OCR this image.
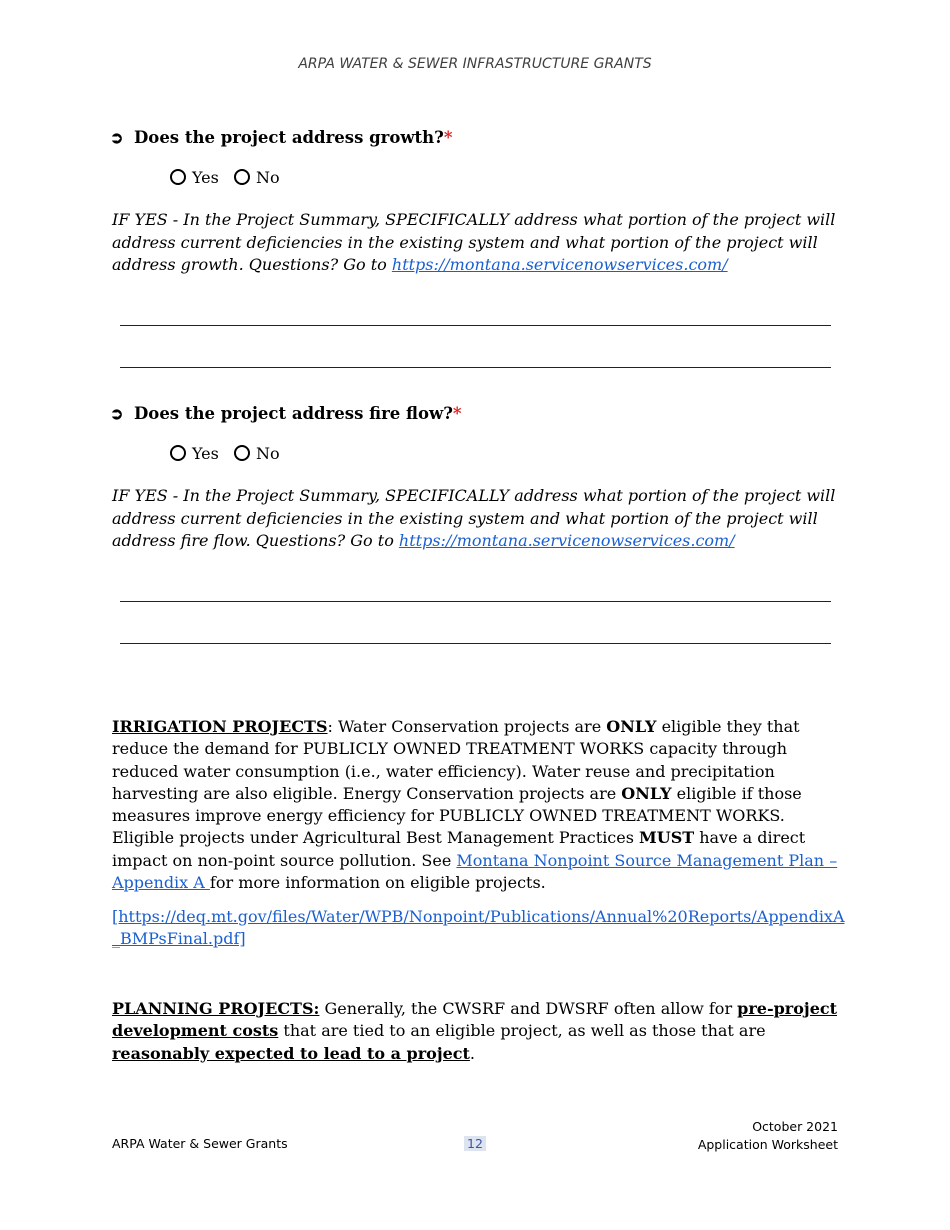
ARPA WATER & SEWER INFRASTRUCTURE GRANTS
➲ Does the project address growth?*
Yes No
IF YES - In the Project Summary, SPECIFICALLY address what portion of the project will address current deficiencies in the existing system and what portion of the project will address growth. Questions? Go to https://montana.servicenowservices.com/
➲ Does the project address fire flow?*
Yes No
IF YES - In the Project Summary, SPECIFICALLY address what portion of the project will address current deficiencies in the existing system and what portion of the project will address fire flow. Questions? Go to https://montana.servicenowservices.com/
IRRIGATION PROJECTS: Water Conservation projects are ONLY eligible they that reduce the demand for PUBLICLY OWNED TREATMENT WORKS capacity through reduced water consumption (i.e., water efficiency). Water reuse and precipitation harvesting are also eligible. Energy Conservation projects are ONLY eligible if those measures improve energy efficiency for PUBLICLY OWNED TREATMENT WORKS. Eligible projects under Agricultural Best Management Practices MUST have a direct impact on non-point source pollution. See Montana Nonpoint Source Management Plan – Appendix A for more information on eligible projects.
[https://deq.mt.gov/files/Water/WPB/Nonpoint/Publications/Annual%20Reports/AppendixA_BMPsFinal.pdf]
PLANNING PROJECTS: Generally, the CWSRF and DWSRF often allow for pre-project development costs that are tied to an eligible project, as well as those that are reasonably expected to lead to a project.
ARPA Water & Sewer Grants	12
October 2021
Application Worksheet
